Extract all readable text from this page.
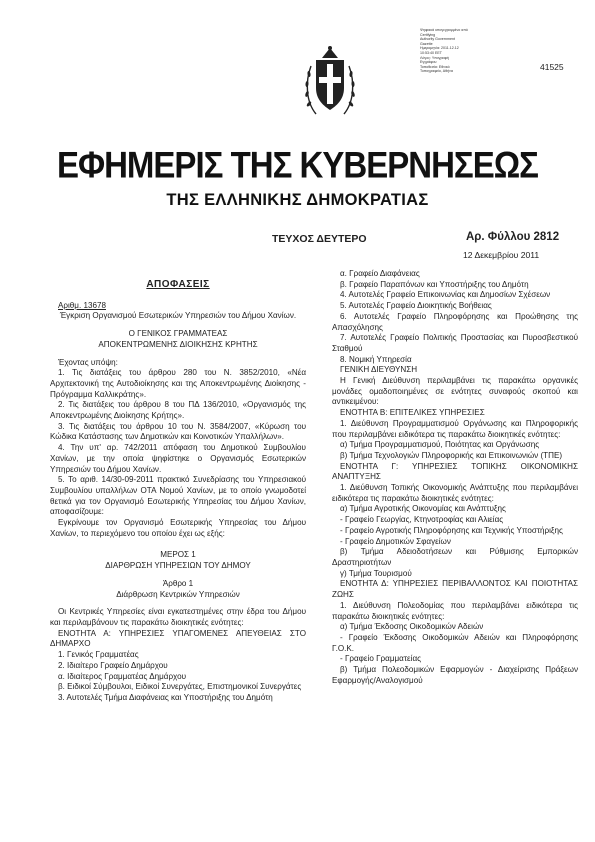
Ψηφιακά υπογεγραμμένο από
Certifying
Authority Government
Gazette
Ημερομηνία: 2011.12.12
10:53:40 EET
Λόγος: Υπογραφή
Εγγράφου
Τοποθεσία: Εθνικό
Τυπογραφείο, Αθήνα	41525
ΕΦΗΜΕΡΙΣ ΤΗΣ ΚΥΒΕΡΝΗΣΕΩΣ
ΤΗΣ ΕΛΛΗΝΙΚΗΣ ΔΗΜΟΚΡΑΤΙΑΣ
ΤΕΥΧΟΣ ΔΕΥΤΕΡΟ	Αρ. Φύλλου 2812
12 Δεκεμβρίου 2011

ΑΠΟΦΑΣΕΙΣ

Αριθμ. 13678

Έγκριση Οργανισμού Εσωτερικών Υπηρεσιών του Δήμου Χανίων.

Ο ΓΕΝΙΚΟΣ ΓΡΑΜΜΑΤΕΑΣ

ΑΠΟΚΕΝΤΡΩΜΕΝΗΣ ΔΙΟΙΚΗΣΗΣ ΚΡΗΤΗΣ

Έχοντας υπόψη:

1. Τις διατάξεις του άρθρου 280 του Ν. 3852/2010, «Νέα Αρχιτεκτονική της Αυτοδιοίκησης και της Αποκεντρωμένης Διοίκησης - Πρόγραμμα Καλλικράτης».

2. Τις διατάξεις του άρθρου 8 του ΠΔ 136/2010, «Οργανισμός της Αποκεντρωμένης Διοίκησης Κρήτης».

3. Τις διατάξεις του άρθρου 10 του Ν. 3584/2007, «Κύρωση του Κώδικα Κατάστασης των Δημοτικών και Κοινοτικών Υπαλλήλων».

4. Την υπ' αρ. 742/2011 απόφαση του Δημοτικού Συμβουλίου Χανίων, με την οποία ψηφίστηκε ο Οργανισμός Εσωτερικών Υπηρεσιών του Δήμου Χανίων.

5. Το αριθ. 14/30-09-2011 πρακτικό Συνεδρίασης του Υπηρεσιακού Συμβουλίου υπαλλήλων ΟΤΑ Νομού Χανίων, με το οποίο γνωμοδοτεί θετικά για τον Οργανισμό Εσωτερικής Υπηρεσίας του Δήμου Χανίων, αποφασίζουμε:

Εγκρίνουμε τον Οργανισμό Εσωτερικής Υπηρεσίας του Δήμου Χανίων, το περιεχόμενο του οποίου έχει ως εξής:

ΜΕΡΟΣ 1

ΔΙΑΡΘΡΩΣΗ ΥΠΗΡΕΣΙΩΝ ΤΟΥ ΔΗΜΟΥ

Άρθρο 1

Διάρθρωση Κεντρικών Υπηρεσιών

Οι Κεντρικές Υπηρεσίες είναι εγκατεστημένες στην έδρα του Δήμου και περιλαμβάνουν τις παρακάτω διοικητικές ενότητες:

ΕΝΟΤΗΤΑ Α: ΥΠΗΡΕΣΙΕΣ ΥΠΑΓΟΜΕΝΕΣ ΑΠΕΥΘΕΙΑΣ ΣΤΟ ΔΗΜΑΡΧΟ

1. Γενικός Γραμματέας

2. Ιδιαίτερο Γραφείο Δημάρχου

α. Ιδιαίτερος Γραμματέας Δημάρχου

β. Ειδικοί Σύμβουλοι, Ειδικοί Συνεργάτες, Επιστημονικοί Συνεργάτες

3. Αυτοτελές Τμήμα Διαφάνειας και Υποστήριξης του Δημότη

α. Γραφείο Διαφάνειας

β. Γραφείο Παραπόνων και Υποστήριξης του Δημότη

4. Αυτοτελές Γραφείο Επικοινωνίας και Δημοσίων Σχέσεων

5. Αυτοτελές Γραφείο Διοικητικής Βοήθειας

6. Αυτοτελές Γραφείο Πληροφόρησης και Προώθησης της Απασχόλησης

7. Αυτοτελές Γραφείο Πολιτικής Προστασίας και Πυροσβεστικού Σταθμού

8. Νομική Υπηρεσία

ΓΕΝΙΚΗ ΔΙΕΥΘΥΝΣΗ

Η Γενική Διεύθυνση περιλαμβάνει τις παρακάτω οργανικές μονάδες ομαδοποιημένες σε ενότητες συναφούς σκοπού και αντικειμένου:

ΕΝΟΤΗΤΑ Β: ΕΠΙΤΕΛΙΚΕΣ ΥΠΗΡΕΣΙΕΣ

1. Διεύθυνση Προγραμματισμού Οργάνωσης και Πληροφορικής που περιλαμβάνει ειδικότερα τις παρακάτω διοικητικές ενότητες:

α) Τμήμα Προγραμματισμού, Ποιότητας και Οργάνωσης

β) Τμήμα Τεχνολογιών Πληροφορικής και Επικοινωνιών (ΤΠΕ)

ΕΝΟΤΗΤΑ Γ: ΥΠΗΡΕΣΙΕΣ ΤΟΠΙΚΗΣ ΟΙΚΟΝΟΜΙΚΗΣ ΑΝΑΠΤΥΞΗΣ

1. Διεύθυνση Τοπικής Οικονομικής Ανάπτυξης που περιλαμβάνει ειδικότερα τις παρακάτω διοικητικές ενότητες:

α) Τμήμα Αγροτικής Οικονομίας και Ανάπτυξης

- Γραφείο Γεωργίας, Κτηνοτροφίας και Αλιείας

- Γραφείο Αγροτικής Πληροφόρησης και Τεχνικής Υποστήριξης

- Γραφείο Δημοτικών Σφαγείων

β) Τμήμα Αδειοδοτήσεων και Ρύθμισης Εμπορικών Δραστηριοτήτων

γ) Τμήμα Τουρισμού

ΕΝΟΤΗΤΑ Δ: ΥΠΗΡΕΣΙΕΣ ΠΕΡΙΒΑΛΛΟΝΤΟΣ ΚΑΙ ΠΟΙΟΤΗΤΑΣ ΖΩΗΣ

1. Διεύθυνση Πολεοδομίας που περιλαμβάνει ειδικότερα τις παρακάτω διοικητικές ενότητες:

α) Τμήμα Έκδοσης Οικοδομικών Αδειών

- Γραφείο Έκδοσης Οικοδομικών Αδειών και Πληροφόρησης Γ.Ο.Κ.

- Γραφείο Γραμματείας

β) Τμήμα Πολεοδομικών Εφαρμογών - Διαχείρισης Πράξεων Εφαρμογής/Αναλογισμού
